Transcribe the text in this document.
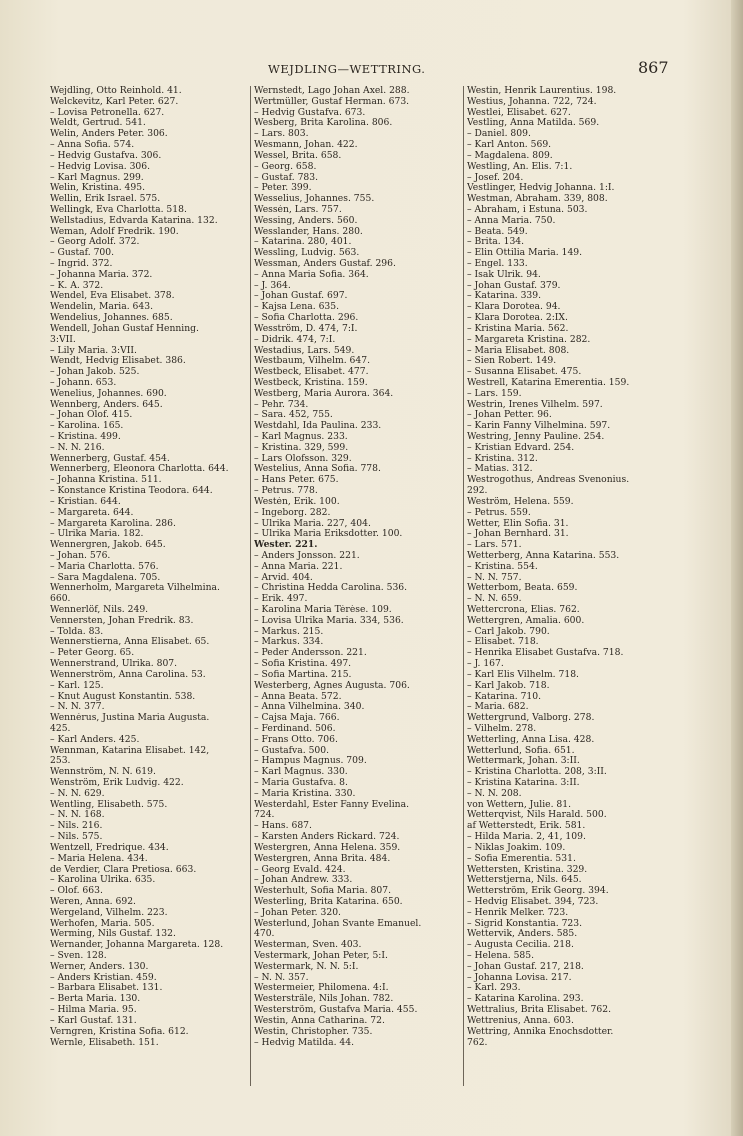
WEJDLING—WETTRING.	867
Wejdling, Otto Reinhold. 41.
Welckevitz, Karl Peter. 627.
– Lovisa Petronella. 627.
Weldt, Gertrud. 541.
Welin, Anders Peter. 306.
– Anna Sofia. 574.
– Hedvig Gustafva. 306.
– Hedvig Lovisa. 306.
– Karl Magnus. 299.
Welin, Kristina. 495.
Wellin, Erik Israel. 575.
Wellingk, Eva Charlotta. 518.
Wellstadius, Edvarda Katarina. 132.
Weman, Adolf Fredrik. 190.
– Georg Adolf. 372.
– Gustaf. 700.
– Ingrid. 372.
– Johanna Maria. 372.
– K. A. 372.
Wendel, Eva Elisabet. 378.
Wendelin, Maria. 643.
Wendelius, Johannes. 685.
Wendell, Johan Gustaf Henning.
3:VII.
– Lily Maria. 3:VII.
Wendt, Hedvig Elisabet. 386.
– Johan Jakob. 525.
– Johann. 653.
Wenelius, Johannes. 690.
Wennberg, Anders. 645.
– Johan Olof. 415.
– Karolina. 165.
– Kristina. 499.
– N. N. 216.
Wennerberg, Gustaf. 454.
Wennerberg, Eleonora Charlotta. 644.
– Johanna Kristina. 511.
– Konstance Kristina Teodora. 644.
– Kristian. 644.
– Margareta. 644.
– Margareta Karolina. 286.
– Ulrika Maria. 182.
Wennergren, Jakob. 645.
– Johan. 576.
– Maria Charlotta. 576.
– Sara Magdalena. 705.
Wennerholm, Margareta Vilhelmina.
660.
Wennerlöf, Nils. 249.
Vennersten, Johan Fredrik. 83.
– Tolda. 83.
Wennerstierna, Anna Elisabet. 65.
– Peter Georg. 65.
Wennerstrand, Ulrika. 807.
Wennerström, Anna Carolina. 53.
– Karl. 125.
– Knut August Konstantin. 538.
– N. N. 377.
Wennérus, Justina Maria Augusta.
425.
– Karl Anders. 425.
Wennman, Katarina Elisabet. 142,
253.
Wennström, N. N. 619.
Wenström, Erik Ludvig. 422.
– N. N. 629.
Wentling, Elisabeth. 575.
– N. N. 168.
– Nils. 216.
– Nils. 575.
Wentzell, Fredrique. 434.
– Maria Helena. 434.
de Verdier, Clara Pretiosa. 663.
– Karolina Ulrika. 635.
– Olof. 663.
Weren, Anna. 692.
Wergeland, Vilhelm. 223.
Werhofen, Maria. 505.
Werming, Nils Gustaf. 132.
Wernander, Johanna Margareta. 128.
– Sven. 128.
Werner, Anders. 130.
– Anders Kristian. 459.
– Barbara Elisabet. 131.
– Berta Maria. 130.
– Hilma Maria. 95.
– Karl Gustaf. 131.
Verngren, Kristina Sofia. 612.
Wernle, Elisabeth. 151.
Wernstedt, Lago Johan Axel. 288.
Wertmüller, Gustaf Herman. 673.
– Hedvig Gustafva. 673.
Wesberg, Brita Karolina. 806.
– Lars. 803.
Wesmann, Johan. 422.
Wessel, Brita. 658.
– Georg. 658.
– Gustaf. 783.
– Peter. 399.
Wesselius, Johannes. 755.
Wessén, Lars. 757.
Wessing, Anders. 560.
Wesslander, Hans. 280.
– Katarina. 280, 401.
Wessling, Ludvig. 563.
Wessman, Anders Gustaf. 296.
– Anna Maria Sofia. 364.
– J. 364.
– Johan Gustaf. 697.
– Kajsa Lena. 635.
– Sofia Charlotta. 296.
Wesström, D. 474, 7:I.
– Didrik. 474, 7:I.
Westadius, Lars. 549.
Westbaum, Vilhelm. 647.
Westbeck, Elisabet. 477.
Westbeck, Kristina. 159.
Westberg, Maria Aurora. 364.
– Pehr. 734.
– Sara. 452, 755.
Westdahl, Ida Paulina. 233.
– Karl Magnus. 233.
– Kristina. 329, 599.
– Lars Olofsson. 329.
Westelius, Anna Sofia. 778.
– Hans Peter. 675.
– Petrus. 778.
Westén, Erik. 100.
– Ingeborg. 282.
– Ulrika Maria. 227, 404.
– Ulrika Maria Eriksdotter. 100.
Wester. 221.
– Anders Jonsson. 221.
– Anna Maria. 221.
– Arvid. 404.
– Christina Hedda Carolina. 536.
– Erik. 497.
– Karolina Maria Térèse. 109.
– Lovisa Ulrika Maria. 334, 536.
– Markus. 215.
– Markus. 334.
– Peder Andersson. 221.
– Sofia Kristina. 497.
– Sofia Martina. 215.
Westerberg, Agnes Augusta. 706.
– Anna Beata. 572.
– Anna Vilhelmina. 340.
– Cajsa Maja. 766.
– Ferdinand. 506.
– Frans Otto. 706.
– Gustafva. 500.
– Hampus Magnus. 709.
– Karl Magnus. 330.
– Maria Gustafva. 8.
– Maria Kristina. 330.
Westerdahl, Ester Fanny Evelina.
724.
– Hans. 687.
– Karsten Anders Rickard. 724.
Westergren, Anna Helena. 359.
Westergren, Anna Brita. 484.
– Georg Evald. 424.
– Johan Andrew. 333.
Westerhult, Sofia Maria. 807.
Westerling, Brita Katarina. 650.
– Johan Peter. 320.
Westerlund, Johan Svante Emanuel.
470.
Westerman, Sven. 403.
Vestermark, Johan Peter, 5:I.
Westermark, N. N. 5:I.
– N. N. 357.
Westermeier, Philomena. 4:I.
Westersträle, Nils Johan. 782.
Westerström, Gustafva Maria. 455.
Westin, Anna Catharina. 72.
Westin, Christopher. 735.
– Hedvig Matilda. 44.
Westin, Henrik Laurentius. 198.
Westius, Johanna. 722, 724.
Westlei, Elisabet. 627.
Vestling, Anna Matilda. 569.
– Daniel. 809.
– Karl Anton. 569.
– Magdalena. 809.
Westling, An. Elis. 7:1.
– Josef. 204.
Vestlinger, Hedvig Johanna. 1:I.
Westman, Abraham. 339, 808.
– Abraham, i Estuna. 503.
– Anna Maria. 750.
– Beata. 549.
– Brita. 134.
– Elin Ottilia Maria. 149.
– Engel. 133.
– Isak Ulrik. 94.
– Johan Gustaf. 379.
– Katarina. 339.
– Klara Dorotea. 94.
– Klara Dorotea. 2:IX.
– Kristina Maria. 562.
– Margareta Kristina. 282.
– Maria Elisabet. 808.
– Sien Robert. 149.
– Susanna Elisabet. 475.
Westrell, Katarina Emerentia. 159.
– Lars. 159.
Westrin, Irenes Vilhelm. 597.
– Johan Petter. 96.
– Karin Fanny Vilhelmina. 597.
Westring, Jenny Pauline. 254.
– Kristian Edvard. 254.
– Kristina. 312.
– Matias. 312.
Westrogothus, Andreas Svenonius.
292.
Weström, Helena. 559.
– Petrus. 559.
Wetter, Elin Sofia. 31.
– Johan Bernhard. 31.
– Lars. 571.
Wetterberg, Anna Katarina. 553.
– Kristina. 554.
– N. N. 757.
Wetterbom, Beata. 659.
– N. N. 659.
Wettercrona, Elias. 762.
Wettergren, Amalia. 600.
– Carl Jakob. 790.
– Elisabet. 718.
– Henrika Elisabet Gustafva. 718.
– J. 167.
– Karl Elis Vilhelm. 718.
– Karl Jakob. 718.
– Katarina. 710.
– Maria. 682.
Wettergrund, Valborg. 278.
– Vilhelm. 278.
Wetterling, Anna Lisa. 428.
Wetterlund, Sofia. 651.
Wettermark, Johan. 3:II.
– Kristina Charlotta. 208, 3:II.
– Kristina Katarina. 3:II.
– N. N. 208.
von Wettern, Julie. 81.
Wetterqvist, Nils Harald. 500.
af Wetterstedt, Erik. 581.
– Hilda Maria. 2, 41, 109.
– Niklas Joakim. 109.
– Sofia Emerentia. 531.
Wettersten, Kristina. 329.
Wetterstjerna, Nils. 645.
Wetterström, Erik Georg. 394.
– Hedvig Elisabet. 394, 723.
– Henrik Melker. 723.
– Sigrid Konstantia. 723.
Wettervik, Anders. 585.
– Augusta Cecilia. 218.
– Helena. 585.
– Johan Gustaf. 217, 218.
– Johanna Lovisa. 217.
– Karl. 293.
– Katarina Karolina. 293.
Wettralius, Brita Elisabet. 762.
Wettrenius, Anna. 603.
Wettring, Annika Enochsdotter.
762.
